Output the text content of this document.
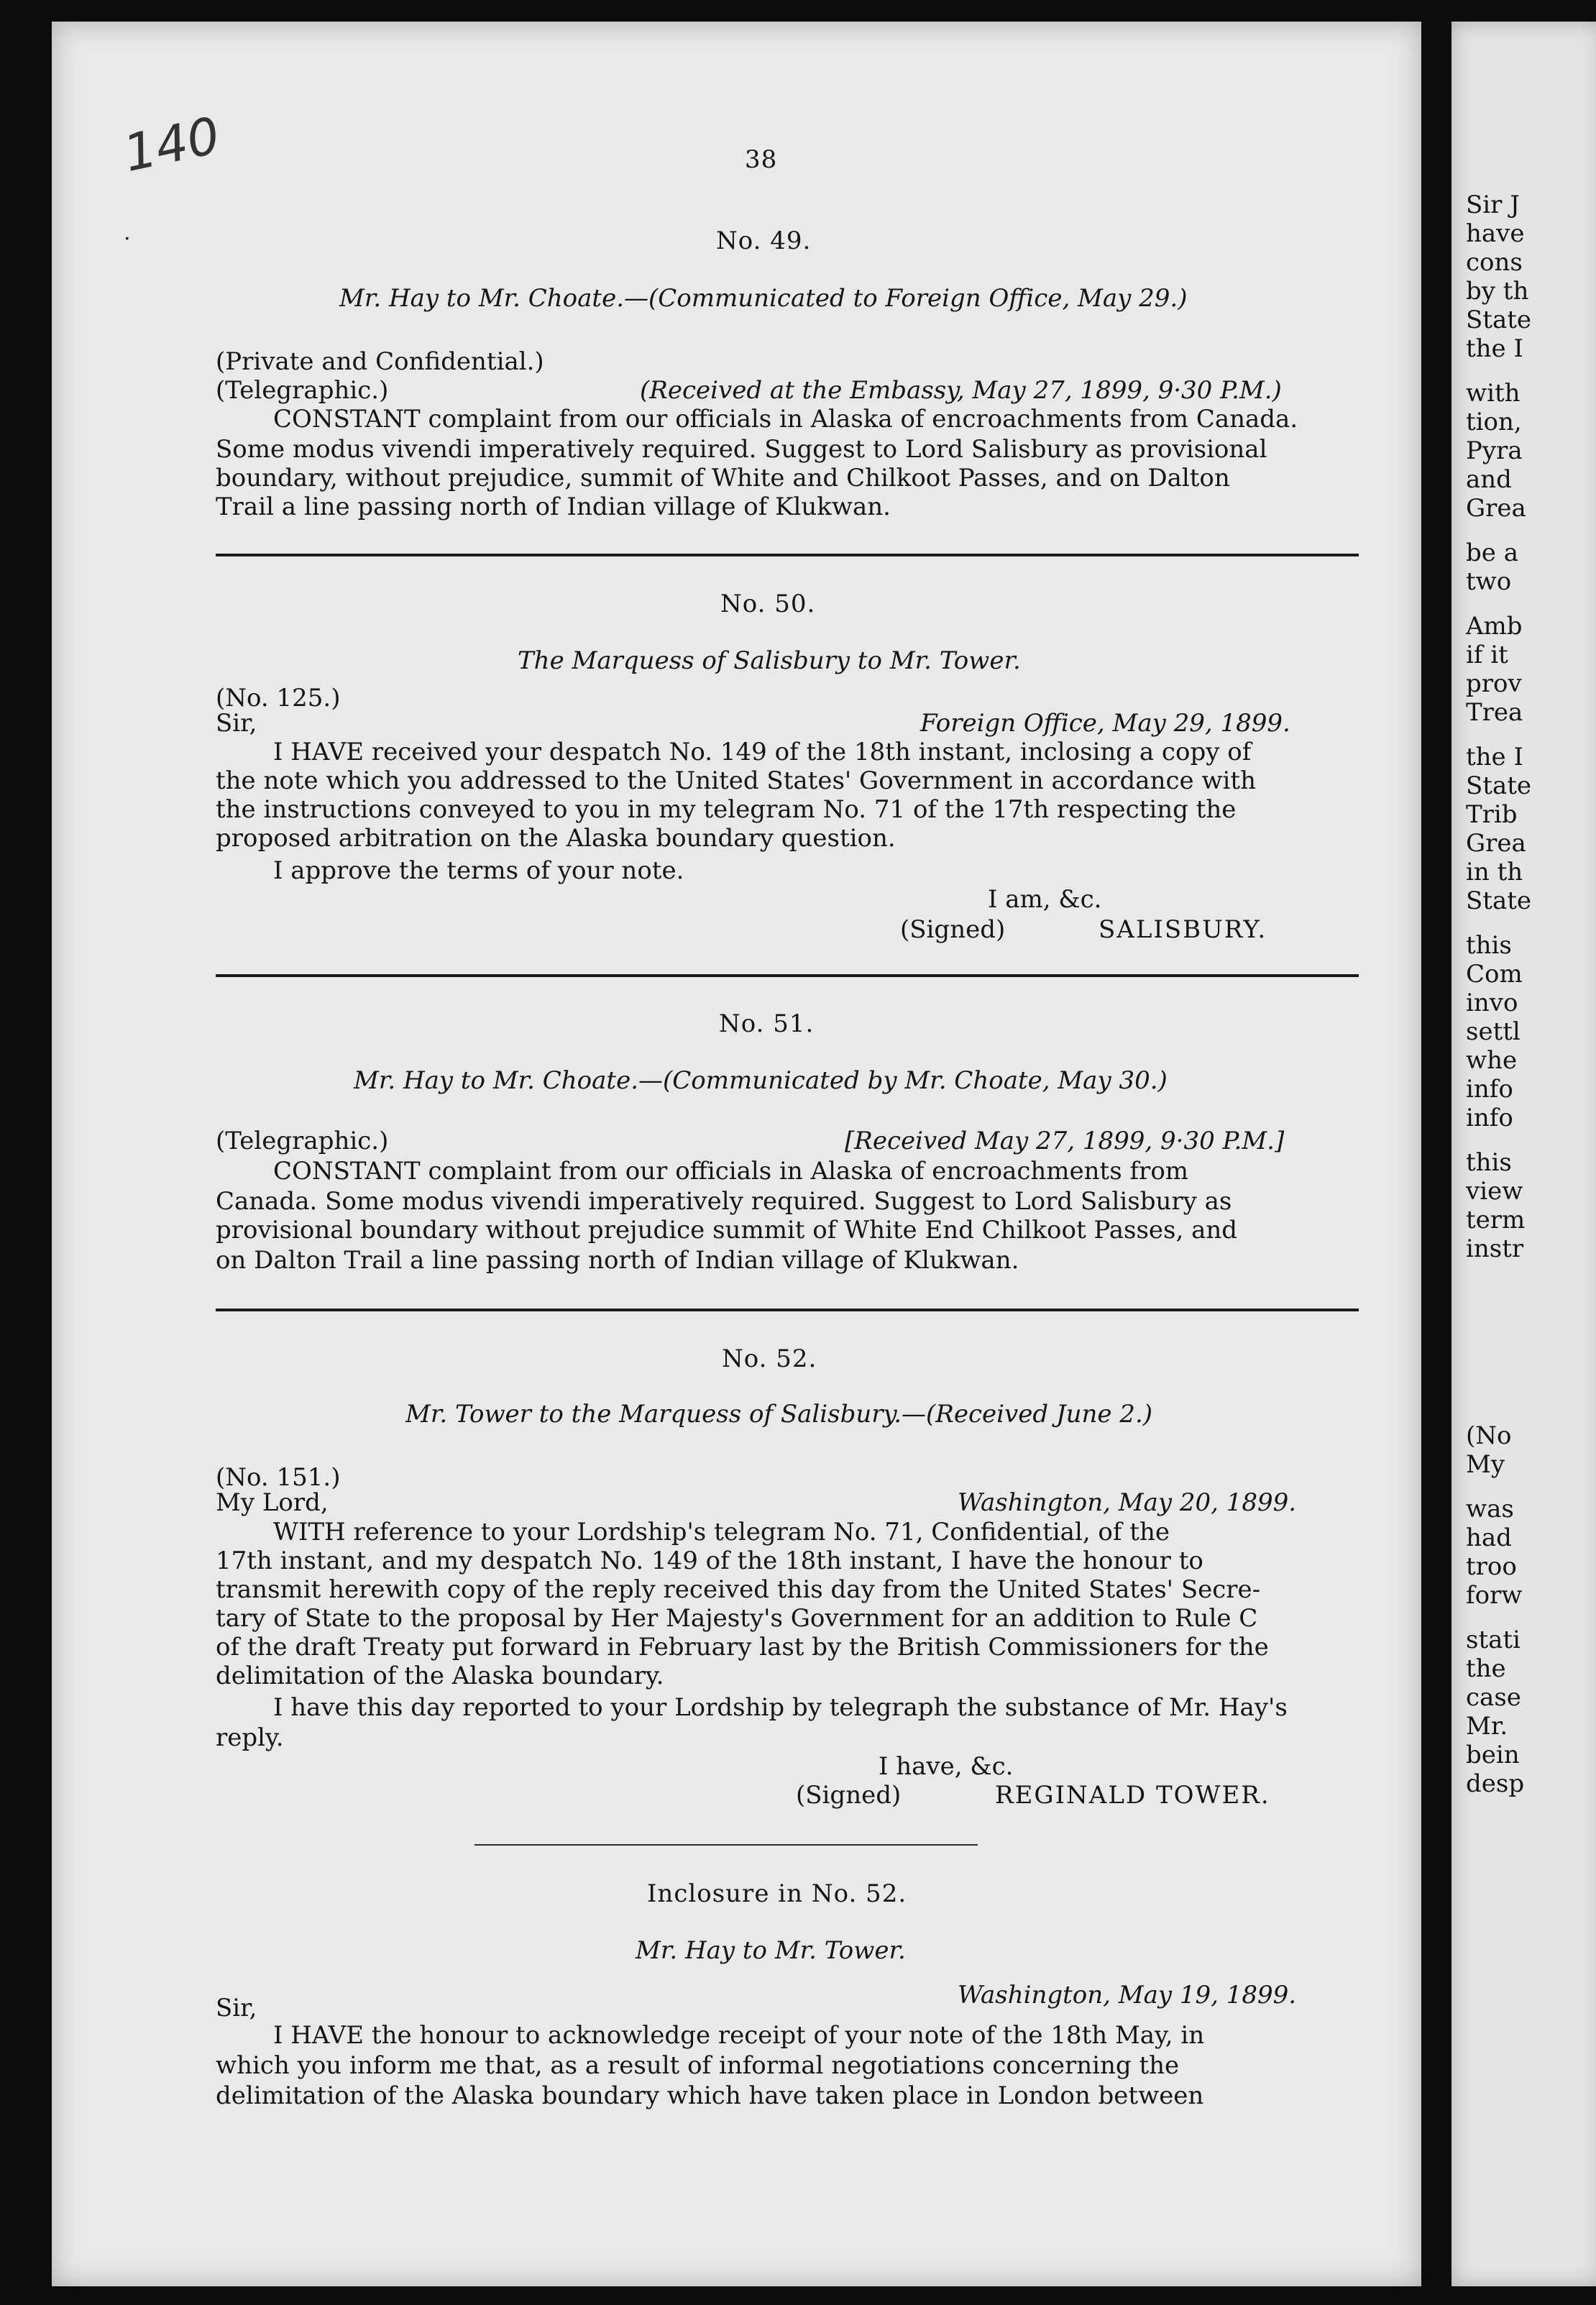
140
·
38
No. 49.
Mr. Hay to Mr. Choate.—(Communicated to Foreign Office, May 29.)
(Private and Confidential.)
(Telegraphic.)	(Received at the Embassy, May 27, 1899, 9·30 P.M.)
CONSTANT complaint from our officials in Alaska of encroachments from Canada.
Some modus vivendi imperatively required. Suggest to Lord Salisbury as provisional
boundary, without prejudice, summit of White and Chilkoot Passes, and on Dalton
Trail a line passing north of Indian village of Klukwan.
No. 50.
The Marquess of Salisbury to Mr. Tower.
(No. 125.)
Sir,	Foreign Office, May 29, 1899.
I HAVE received your despatch No. 149 of the 18th instant, inclosing a copy of
the note which you addressed to the United States' Government in accordance with
the instructions conveyed to you in my telegram No. 71 of the 17th respecting the
proposed arbitration on the Alaska boundary question.
I approve the terms of your note.
I am, &c.
(Signed)	SALISBURY.
No. 51.
Mr. Hay to Mr. Choate.—(Communicated by Mr. Choate, May 30.)
(Telegraphic.)	[Received May 27, 1899, 9·30 P.M.]
CONSTANT complaint from our officials in Alaska of encroachments from
Canada. Some modus vivendi imperatively required. Suggest to Lord Salisbury as
provisional boundary without prejudice summit of White End Chilkoot Passes, and
on Dalton Trail a line passing north of Indian village of Klukwan.
No. 52.
Mr. Tower to the Marquess of Salisbury.—(Received June 2.)
(No. 151.)
My Lord,	Washington, May 20, 1899.
WITH reference to your Lordship's telegram No. 71, Confidential, of the
17th instant, and my despatch No. 149 of the 18th instant, I have the honour to
transmit herewith copy of the reply received this day from the United States' Secre-
tary of State to the proposal by Her Majesty's Government for an addition to Rule C
of the draft Treaty put forward in February last by the British Commissioners for the
delimitation of the Alaska boundary.
I have this day reported to your Lordship by telegraph the substance of Mr. Hay's
reply.
I have, &c.
(Signed)	REGINALD TOWER.
Inclosure in No. 52.
Mr. Hay to Mr. Tower.
Washington, May 19, 1899.
Sir,
I HAVE the honour to acknowledge receipt of your note of the 18th May, in
which you inform me that, as a result of informal negotiations concerning the
delimitation of the Alaska boundary which have taken place in London between
Sir J
have
cons
by th
State
the I
with
tion,
Pyra
and
Grea
be a
two
Amb
if it
prov
Trea
the I
State
Trib
Grea
in th
State
this
Com
invo
settl
whe
info
info
this
view
term
instr
(No
My
was
had
troo
forw
stati
the
case
Mr.
bein
desp
